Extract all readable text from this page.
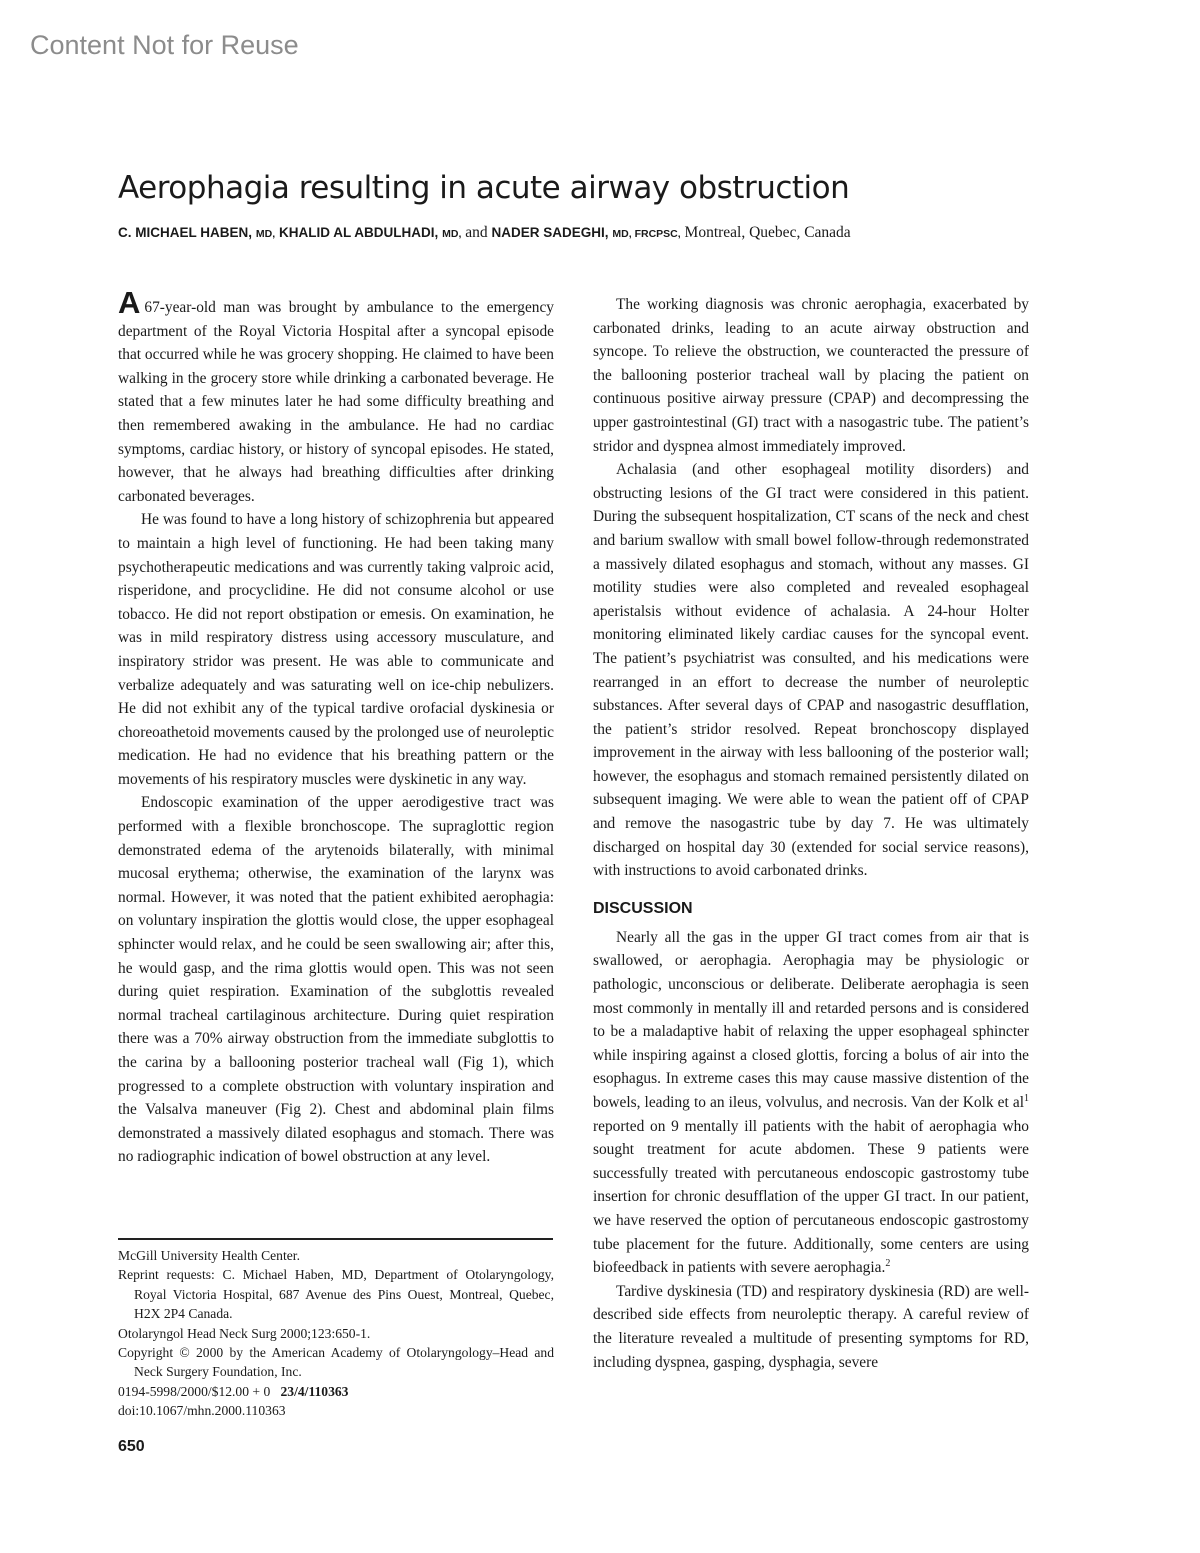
Content Not for Reuse
Aerophagia resulting in acute airway obstruction
C. MICHAEL HABEN, MD, KHALID AL ABDULHADI, MD, and NADER SADEGHI, MD, FRCPSC, Montreal, Quebec, Canada

A 67-year-old man was brought by ambulance to the emergency department of the Royal Victoria Hospital after a syncopal episode that occurred while he was grocery shopping. He claimed to have been walking in the grocery store while drinking a carbonated beverage. He stated that a few minutes later he had some difficulty breathing and then remembered awaking in the ambulance. He had no cardiac symptoms, cardiac history, or history of syncopal episodes. He stated, however, that he always had breathing difficulties after drinking carbonated beverages.

He was found to have a long history of schizophrenia but appeared to maintain a high level of functioning. He had been taking many psychotherapeutic medications and was currently taking valproic acid, risperidone, and procyclidine. He did not consume alcohol or use tobacco. He did not report obstipation or emesis. On examination, he was in mild respiratory distress using accessory musculature, and inspiratory stridor was present. He was able to communicate and verbalize adequately and was saturating well on ice-chip nebulizers. He did not exhibit any of the typical tardive orofacial dyskinesia or choreoathetoid movements caused by the prolonged use of neuroleptic medication. He had no evidence that his breathing pattern or the movements of his respiratory muscles were dyskinetic in any way.

Endoscopic examination of the upper aerodigestive tract was performed with a flexible bronchoscope. The supraglottic region demonstrated edema of the arytenoids bilaterally, with minimal mucosal erythema; otherwise, the examination of the larynx was normal. However, it was noted that the patient exhibited aerophagia: on voluntary inspiration the glottis would close, the upper esophageal sphincter would relax, and he could be seen swallowing air; after this, he would gasp, and the rima glottis would open. This was not seen during quiet respiration. Examination of the subglottis revealed normal tracheal cartilaginous architecture. During quiet respiration there was a 70% airway obstruction from the immediate subglottis to the carina by a ballooning posterior tracheal wall (Fig 1), which progressed to a complete obstruction with voluntary inspiration and the Valsalva maneuver (Fig 2). Chest and abdominal plain films demonstrated a massively dilated esophagus and stomach. There was no radiographic indication of bowel obstruction at any level.

McGill University Health Center.

Reprint requests: C. Michael Haben, MD, Department of Otolaryngology, Royal Victoria Hospital, 687 Avenue des Pins Ouest, Montreal, Quebec, H2X 2P4 Canada.

Otolaryngol Head Neck Surg 2000;123:650-1.

Copyright © 2000 by the American Academy of Otolaryngology–Head and Neck Surgery Foundation, Inc.

0194-5998/2000/$12.00 + 0 23/4/110363

doi:10.1067/mhn.2000.110363

650

The working diagnosis was chronic aerophagia, exacerbated by carbonated drinks, leading to an acute airway obstruction and syncope. To relieve the obstruction, we counteracted the pressure of the ballooning posterior tracheal wall by placing the patient on continuous positive airway pressure (CPAP) and decompressing the upper gastrointestinal (GI) tract with a nasogastric tube. The patient’s stridor and dyspnea almost immediately improved.

Achalasia (and other esophageal motility disorders) and obstructing lesions of the GI tract were considered in this patient. During the subsequent hospitalization, CT scans of the neck and chest and barium swallow with small bowel follow-through redemonstrated a massively dilated esophagus and stomach, without any masses. GI motility studies were also completed and revealed esophageal aperistalsis without evidence of achalasia. A 24-hour Holter monitoring eliminated likely cardiac causes for the syncopal event. The patient’s psychiatrist was consulted, and his medications were rearranged in an effort to decrease the number of neuroleptic substances. After several days of CPAP and nasogastric desufflation, the patient’s stridor resolved. Repeat bronchoscopy displayed improvement in the airway with less ballooning of the posterior wall; however, the esophagus and stomach remained persistently dilated on subsequent imaging. We were able to wean the patient off of CPAP and remove the nasogastric tube by day 7. He was ultimately discharged on hospital day 30 (extended for social service reasons), with instructions to avoid carbonated drinks.

DISCUSSION

Nearly all the gas in the upper GI tract comes from air that is swallowed, or aerophagia. Aerophagia may be physiologic or pathologic, unconscious or deliberate. Deliberate aerophagia is seen most commonly in mentally ill and retarded persons and is considered to be a maladaptive habit of relaxing the upper esophageal sphincter while inspiring against a closed glottis, forcing a bolus of air into the esophagus. In extreme cases this may cause massive distention of the bowels, leading to an ileus, volvulus, and necrosis. Van der Kolk et $al^1$ reported on 9 mentally ill patients with the habit of aerophagia who sought treatment for acute abdomen. These 9 patients were successfully treated with percutaneous endoscopic gastrostomy tube insertion for chronic desufflation of the upper GI tract. In our patient, we have reserved the option of percutaneous endoscopic gastrostomy tube placement for the future. Additionally, some centers are using biofeedback in patients with severe aerophagia.$^2$

Tardive dyskinesia (TD) and respiratory dyskinesia (RD) are well-described side effects from neuroleptic therapy. A careful review of the literature revealed a multitude of presenting symptoms for RD, including dyspnea, gasping, dysphagia, severe
